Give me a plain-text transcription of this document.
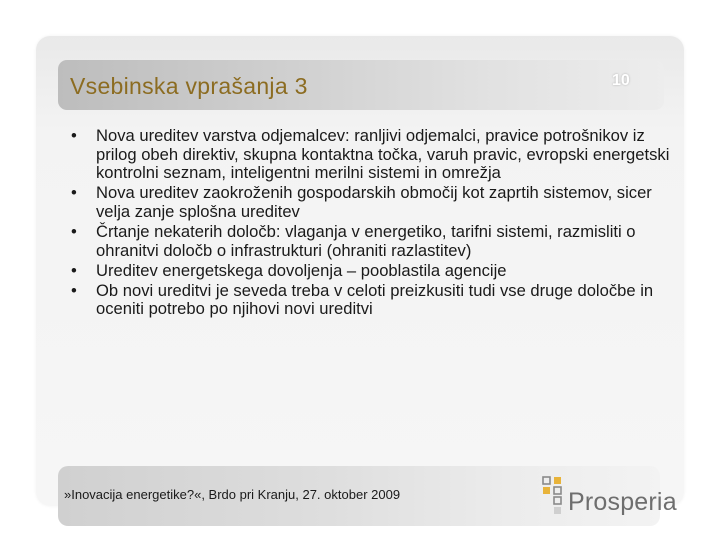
Vsebinska vprašanja 3	10
• Nova ureditev varstva odjemalcev: ranljivi odjemalci, pravice potrošnikov iz prilog obeh direktiv, skupna kontaktna točka, varuh pravic, evropski energetski kontrolni seznam, inteligentni merilni sistemi in omrežja
• Nova ureditev zaokroženih gospodarskih območij kot zaprtih sistemov, sicer velja zanje splošna ureditev
• Črtanje nekaterih določb: vlaganja v energetiko, tarifni sistemi, razmisliti o ohranitvi določb o infrastrukturi (ohraniti razlastitev)
• Ureditev energetskega dovoljenja – pooblastila agencije
• Ob novi ureditvi je seveda treba v celoti preizkusiti tudi vse druge določbe in oceniti potrebo po njihovi novi ureditvi
»Inovacija energetike?«, Brdo pri Kranju, 27. oktober 2009	Prosperia
